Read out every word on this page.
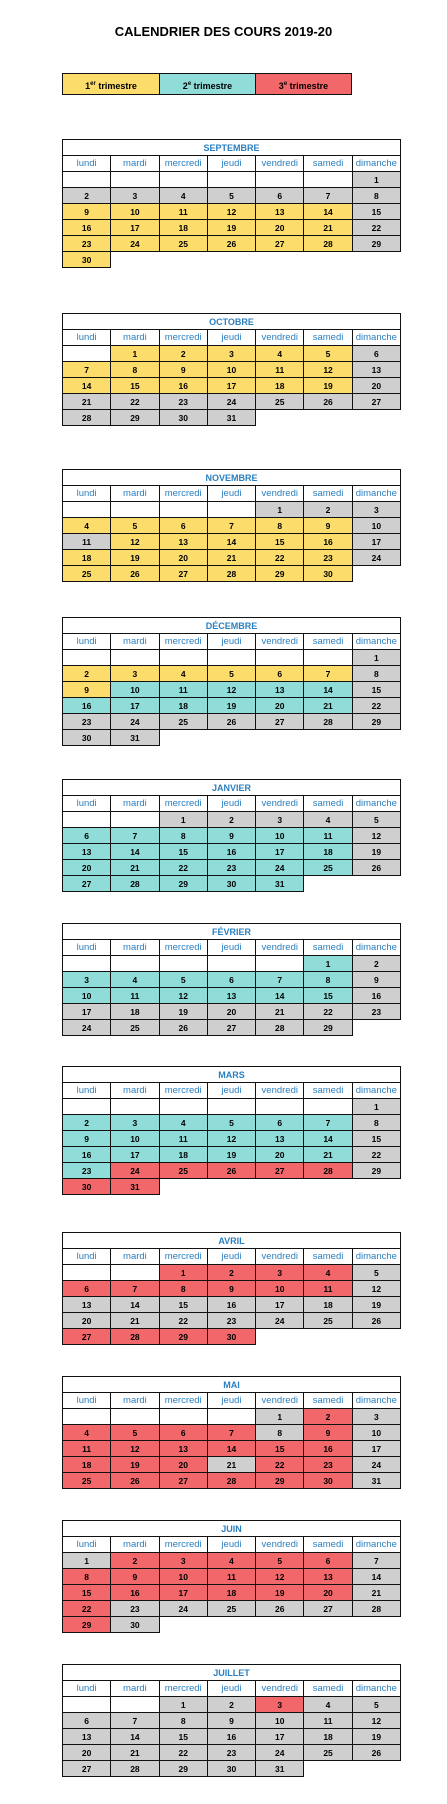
CALENDRIER DES COURS 2019-20
1er trimestre	2e trimestre	3e trimestre
SEPTEMBRE						
lundi	mardi	mercredi	jeudi	vendredi	samedi	dimanche
						1
2	3	4	5	6	7	8
9	10	11	12	13	14	15
16	17	18	19	20	21	22
23	24	25	26	27	28	29
30						
OCTOBRE						
lundi	mardi	mercredi	jeudi	vendredi	samedi	dimanche
	1	2	3	4	5	6
7	8	9	10	11	12	13
14	15	16	17	18	19	20
21	22	23	24	25	26	27
28	29	30	31			
NOVEMBRE						
lundi	mardi	mercredi	jeudi	vendredi	samedi	dimanche
				1	2	3
4	5	6	7	8	9	10
11	12	13	14	15	16	17
18	19	20	21	22	23	24
25	26	27	28	29	30	
DÉCEMBRE						
lundi	mardi	mercredi	jeudi	vendredi	samedi	dimanche
						1
2	3	4	5	6	7	8
9	10	11	12	13	14	15
16	17	18	19	20	21	22
23	24	25	26	27	28	29
30	31					
JANVIER						
lundi	mardi	mercredi	jeudi	vendredi	samedi	dimanche
		1	2	3	4	5
6	7	8	9	10	11	12
13	14	15	16	17	18	19
20	21	22	23	24	25	26
27	28	29	30	31		
FÉVRIER						
lundi	mardi	mercredi	jeudi	vendredi	samedi	dimanche
					1	2
3	4	5	6	7	8	9
10	11	12	13	14	15	16
17	18	19	20	21	22	23
24	25	26	27	28	29	
MARS						
lundi	mardi	mercredi	jeudi	vendredi	samedi	dimanche
						1
2	3	4	5	6	7	8
9	10	11	12	13	14	15
16	17	18	19	20	21	22
23	24	25	26	27	28	29
30	31					
AVRIL						
lundi	mardi	mercredi	jeudi	vendredi	samedi	dimanche
		1	2	3	4	5
6	7	8	9	10	11	12
13	14	15	16	17	18	19
20	21	22	23	24	25	26
27	28	29	30			
MAI						
lundi	mardi	mercredi	jeudi	vendredi	samedi	dimanche
				1	2	3
4	5	6	7	8	9	10
11	12	13	14	15	16	17
18	19	20	21	22	23	24
25	26	27	28	29	30	31
JUIN						
lundi	mardi	mercredi	jeudi	vendredi	samedi	dimanche
1	2	3	4	5	6	7
8	9	10	11	12	13	14
15	16	17	18	19	20	21
22	23	24	25	26	27	28
29	30					
JUILLET						
lundi	mardi	mercredi	jeudi	vendredi	samedi	dimanche
		1	2	3	4	5
6	7	8	9	10	11	12
13	14	15	16	17	18	19
20	21	22	23	24	25	26
27	28	29	30	31		
